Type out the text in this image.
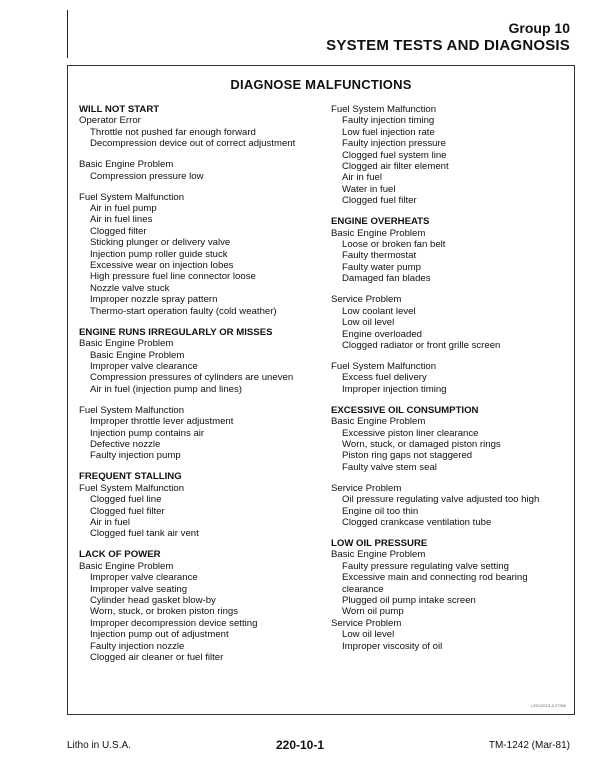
Group 10
SYSTEM TESTS AND DIAGNOSIS
DIAGNOSE MALFUNCTIONS
WILL NOT START
Operator Error
Throttle not pushed far enough forward
Decompression device out of correct adjustment
Basic Engine Problem
Compression pressure low
Fuel System Malfunction
Air in fuel pump
Air in fuel lines
Clogged filter
Sticking plunger or delivery valve
Injection pump roller guide stuck
Excessive wear on injection lobes
High pressure fuel line connector loose
Nozzle valve stuck
Improper nozzle spray pattern
Thermo-start operation faulty (cold weather)
ENGINE RUNS IRREGULARLY OR MISSES
Basic Engine Problem
Basic Engine Problem
Improper valve clearance
Compression pressures of cylinders are uneven
Air in fuel (injection pump and lines)
Fuel System Malfunction
Improper throttle lever adjustment
Injection pump contains air
Defective nozzle
Faulty injection pump
FREQUENT STALLING
Fuel System Malfunction
Clogged fuel line
Clogged fuel filter
Air in fuel
Clogged fuel tank air vent
LACK OF POWER
Basic Engine Problem
Improper valve clearance
Improper valve seating
Cylinder head gasket blow-by
Worn, stuck, or broken piston rings
Improper decompression device setting
Injection pump out of adjustment
Faulty injection nozzle
Clogged air cleaner or fuel filter
Fuel System Malfunction
Faulty injection timing
Low fuel injection rate
Faulty injection pressure
Clogged fuel system line
Clogged air filter element
Air in fuel
Water in fuel
Clogged fuel filter
ENGINE OVERHEATS
Basic Engine Problem
Loose or broken fan belt
Faulty thermostat
Faulty water pump
Damaged fan blades
Service Problem
Low coolant level
Low oil level
Engine overloaded
Clogged radiator or front grille screen
Fuel System Malfunction
Excess fuel delivery
Improper injection timing
EXCESSIVE OIL CONSUMPTION
Basic Engine Problem
Excessive piston liner clearance
Worn, stuck, or damaged piston rings
Piston ring gaps not staggered
Faulty valve stem seal
Service Problem
Oil pressure regulating valve adjusted too high
Engine oil too thin
Clogged crankcase ventilation tube
LOW OIL PRESSURE
Basic Engine Problem
Faulty pressure regulating valve setting
Excessive main and connecting rod bearing clearance
Plugged oil pump intake screen
Worn oil pump
Service Problem
Low oil level
Improper viscosity of oil
LEE1201S A 27396
Litho in U.S.A.	220-10-1	TM-1242 (Mar-81)
